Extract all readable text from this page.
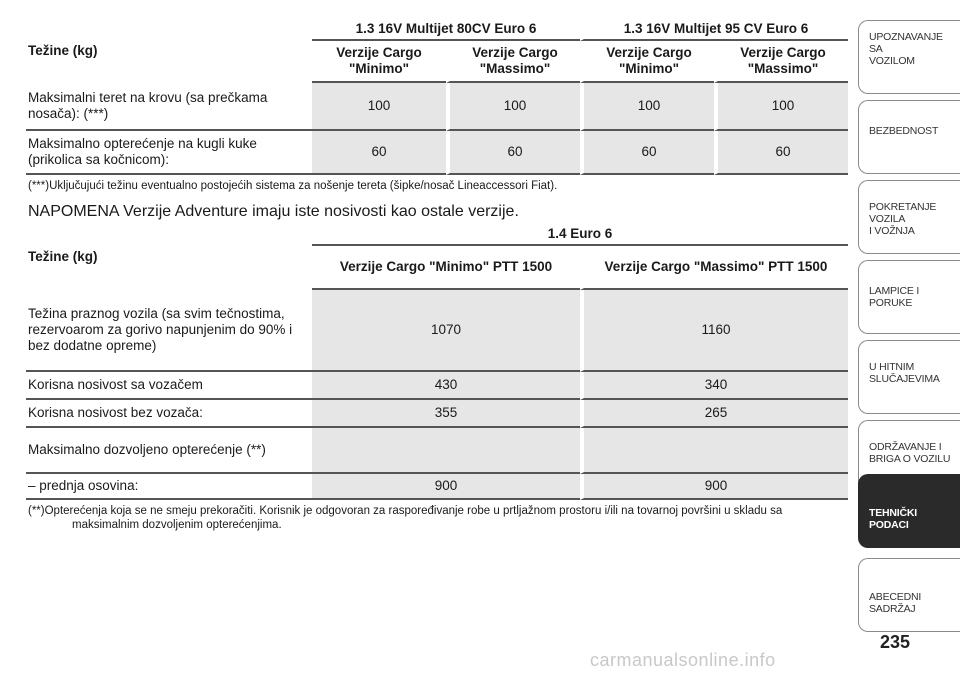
Težine (kg)	1.3 16V Multijet 80CV Euro 6		1.3 16V Multijet 95 CV Euro 6	
	Verzije Cargo "Minimo"	Verzije Cargo "Massimo"	Verzije Cargo "Minimo"	Verzije Cargo "Massimo"
Maksimalni teret na krovu (sa prečkama nosača): (***)	100	100	100	100
Maksimalno opterećenje na kugli kuke (prikolica sa kočnicom):	60	60	60	60

(***)Uključujući težinu eventualno postojećih sistema za nošenje tereta (šipke/nosač Lineaccessori Fiat).

NAPOMENA Verzije Adventure imaju iste nosivosti kao ostale verzije.

Težine (kg)	1.4 Euro 6	
	Verzije Cargo "Minimo" PTT 1500	Verzije Cargo "Massimo" PTT 1500
Težina praznog vozila (sa svim tečnostima, rezervoarom za gorivo napunjenim do 90% i bez dodatne opreme)	1070	1160
Korisna nosivost sa vozačem	430	340
Korisna nosivost bez vozača:	355	265
Maksimalno dozvoljeno opterećenje (**)		
– prednja osovina:	900	900

(**)Opterećenja koja se ne smeju prekoračiti. Korisnik je odgovoran za raspoređivanje robe u prtljažnom prostoru i/ili na tovarnoj površini u skladu sa maksimalnim dozvoljenim opterećenjima.

UPOZNAVANJE SA
VOZILOM
BEZBEDNOST
POKRETANJE VOZILA
I VOŽNJA
LAMPICE I PORUKE
U HITNIM
SLUČAJEVIMA
ODRŽAVANJE I
BRIGA O VOZILU
TEHNIČKI PODACI
ABECEDNI SADRŽAJ
235
carmanualsonline.info
